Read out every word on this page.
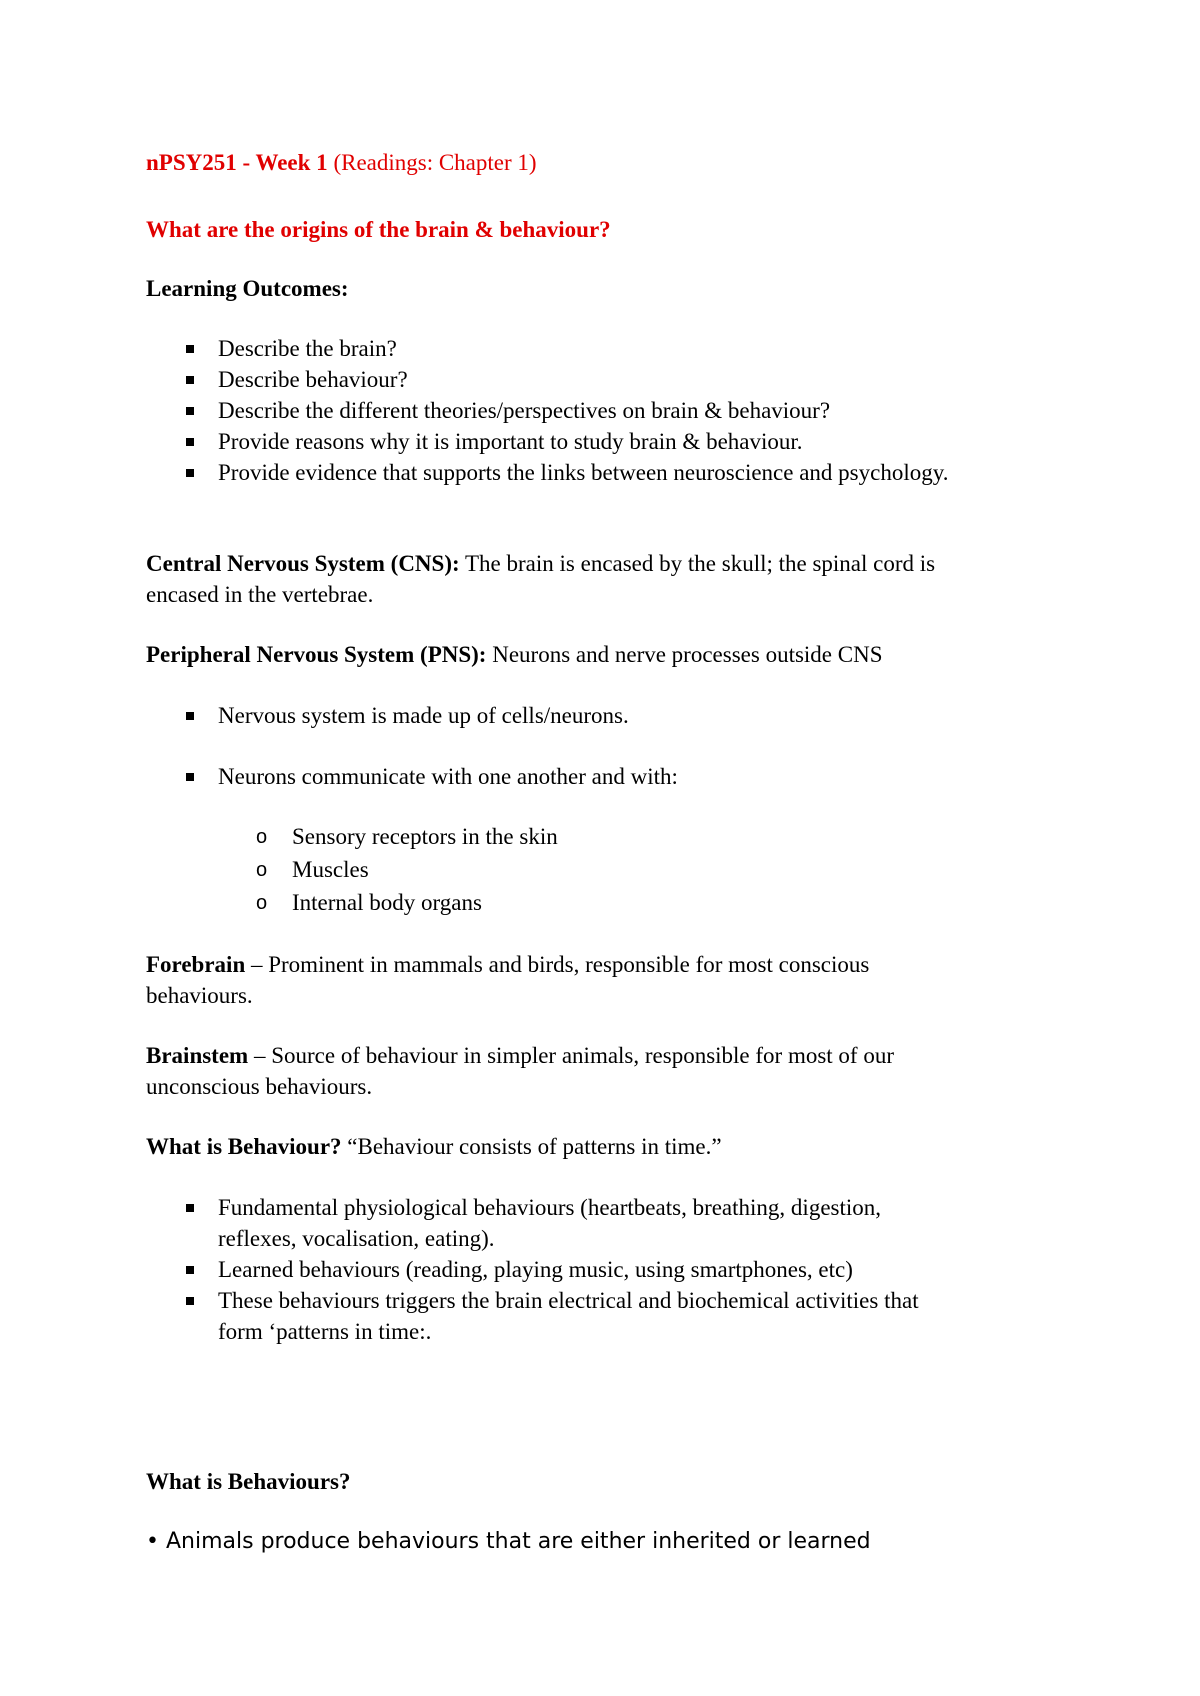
nPSY251 - Week 1 (Readings: Chapter 1)
What are the origins of the brain & behaviour?
Learning Outcomes:
Describe the brain?
Describe behaviour?
Describe the different theories/perspectives on brain & behaviour?
Provide reasons why it is important to study brain & behaviour.
Provide evidence that supports the links between neuroscience and psychology.
Central Nervous System (CNS): The brain is encased by the skull; the spinal cord is
encased in the vertebrae.
Peripheral Nervous System (PNS): Neurons and nerve processes outside CNS
Nervous system is made up of cells/neurons.
Neurons communicate with one another and with:
o Sensory receptors in the skin
o Muscles
o Internal body organs
Forebrain – Prominent in mammals and birds, responsible for most conscious
behaviours.
Brainstem – Source of behaviour in simpler animals, responsible for most of our
unconscious behaviours.
What is Behaviour? “Behaviour consists of patterns in time.”
Fundamental physiological behaviours (heartbeats, breathing, digestion,
reflexes, vocalisation, eating).
Learned behaviours (reading, playing music, using smartphones, etc)
These behaviours triggers the brain electrical and biochemical activities that
form ‘patterns in time:.
What is Behaviours?
• Animals produce behaviours that are either inherited or learned
